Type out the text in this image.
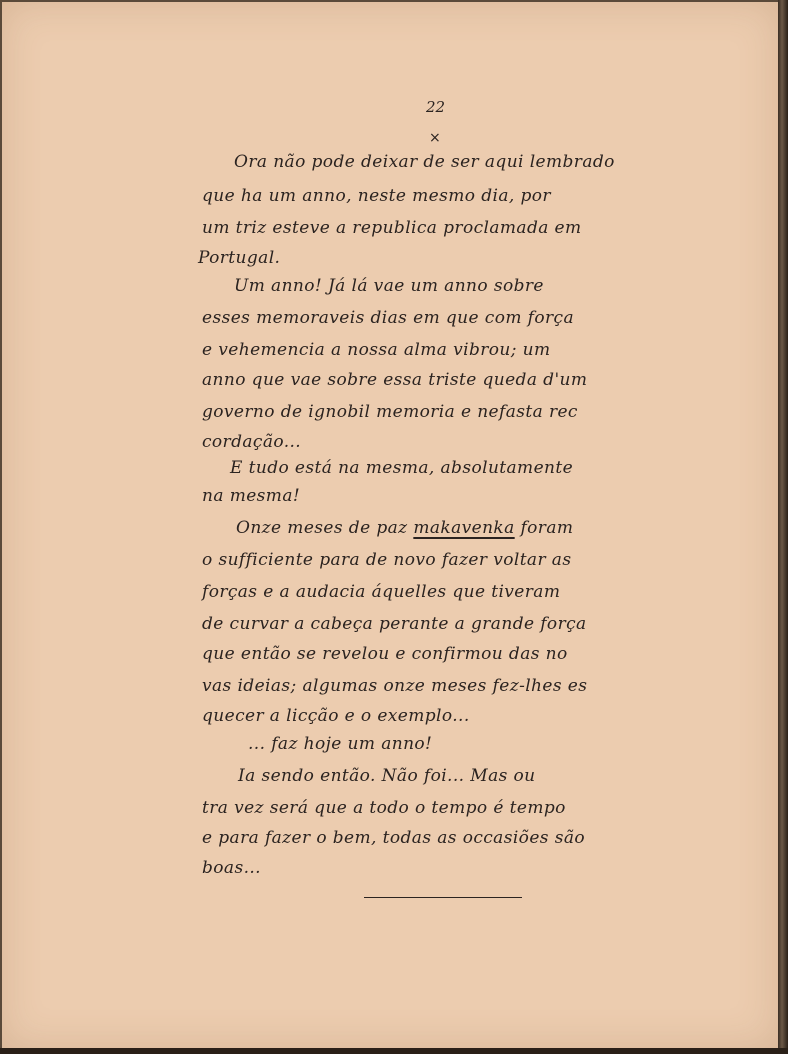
22
×
Ora não pode deixar de ser aqui lembrado
que ha um anno, neste mesmo dia, por
um triz esteve a republica proclamada em
Portugal.
Um anno! Já lá vae um anno sobre
esses memoraveis dias em que com força
e vehemencia a nossa alma vibrou; um
anno que vae sobre essa triste queda d'um
governo de ignobil memoria e nefasta rec
cordação...
E tudo está na mesma, absolutamente
na mesma!
Onze meses de paz makavenka foram
o sufficiente para de novo fazer voltar as
forças e a audacia áquelles que tiveram
de curvar a cabeça perante a grande força
que então se revelou e confirmou das no
vas ideias; algumas onze meses fez-lhes es
quecer a licção e o exemplo...
... faz hoje um anno!
Ia sendo então. Não foi... Mas ou
tra vez será que a todo o tempo é tempo
e para fazer o bem, todas as occasiões são
boas...
